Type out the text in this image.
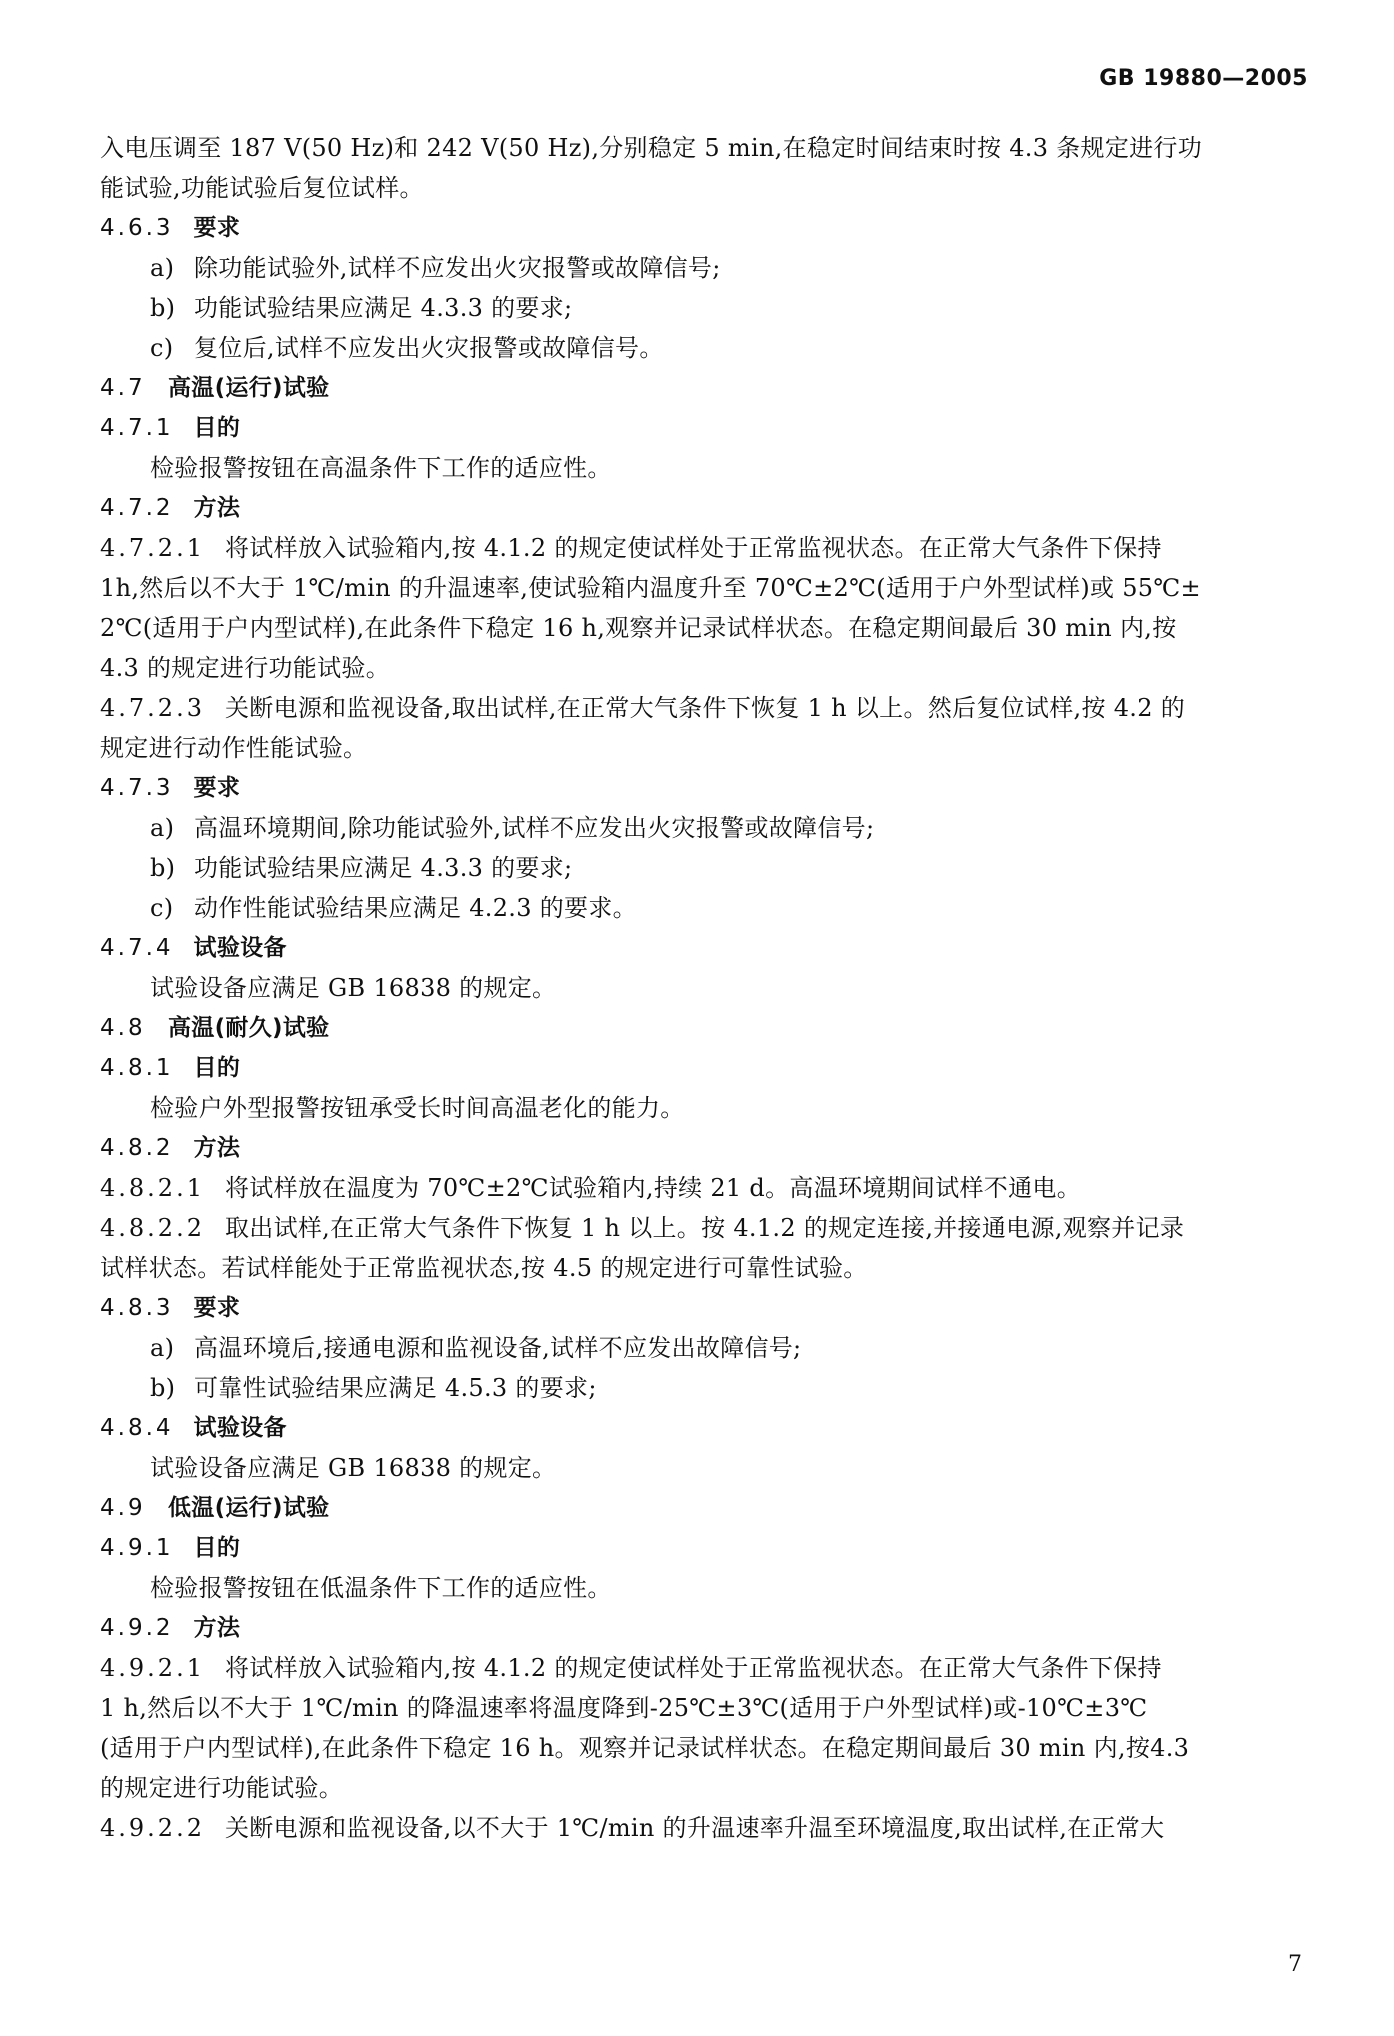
GB 19880—2005
入电压调至 187 V(50 Hz)和 242 V(50 Hz),分别稳定 5 min,在稳定时间结束时按 4.3 条规定进行功
能试验,功能试验后复位试样。
4.6.3 要求
a) 除功能试验外,试样不应发出火灾报警或故障信号;
b) 功能试验结果应满足 4.3.3 的要求;
c) 复位后,试样不应发出火灾报警或故障信号。
4.7 高温(运行)试验
4.7.1 目的
检验报警按钮在高温条件下工作的适应性。
4.7.2 方法
4.7.2.1 将试样放入试验箱内,按 4.1.2 的规定使试样处于正常监视状态。在正常大气条件下保持
1h,然后以不大于 1℃/min 的升温速率,使试验箱内温度升至 70℃±2℃(适用于户外型试样)或 55℃±
2℃(适用于户内型试样),在此条件下稳定 16 h,观察并记录试样状态。在稳定期间最后 30 min 内,按
4.3 的规定进行功能试验。
4.7.2.3 关断电源和监视设备,取出试样,在正常大气条件下恢复 1 h 以上。然后复位试样,按 4.2 的
规定进行动作性能试验。
4.7.3 要求
a) 高温环境期间,除功能试验外,试样不应发出火灾报警或故障信号;
b) 功能试验结果应满足 4.3.3 的要求;
c) 动作性能试验结果应满足 4.2.3 的要求。
4.7.4 试验设备
试验设备应满足 GB 16838 的规定。
4.8 高温(耐久)试验
4.8.1 目的
检验户外型报警按钮承受长时间高温老化的能力。
4.8.2 方法
4.8.2.1 将试样放在温度为 70℃±2℃试验箱内,持续 21 d。高温环境期间试样不通电。
4.8.2.2 取出试样,在正常大气条件下恢复 1 h 以上。按 4.1.2 的规定连接,并接通电源,观察并记录
试样状态。若试样能处于正常监视状态,按 4.5 的规定进行可靠性试验。
4.8.3 要求
a) 高温环境后,接通电源和监视设备,试样不应发出故障信号;
b) 可靠性试验结果应满足 4.5.3 的要求;
4.8.4 试验设备
试验设备应满足 GB 16838 的规定。
4.9 低温(运行)试验
4.9.1 目的
检验报警按钮在低温条件下工作的适应性。
4.9.2 方法
4.9.2.1 将试样放入试验箱内,按 4.1.2 的规定使试样处于正常监视状态。在正常大气条件下保持
1 h,然后以不大于 1℃/min 的降温速率将温度降到-25℃±3℃(适用于户外型试样)或-10℃±3℃
(适用于户内型试样),在此条件下稳定 16 h。观察并记录试样状态。在稳定期间最后 30 min 内,按4.3
的规定进行功能试验。
4.9.2.2 关断电源和监视设备,以不大于 1℃/min 的升温速率升温至环境温度,取出试样,在正常大
7
